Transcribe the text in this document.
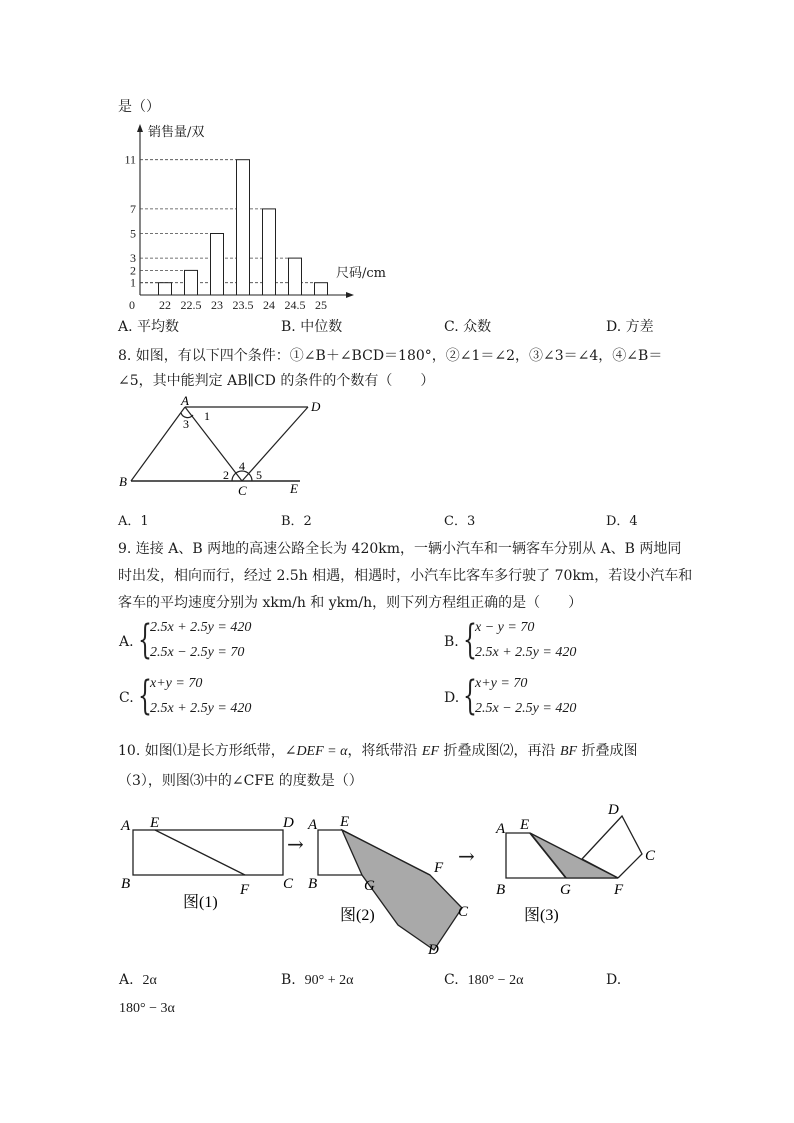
是（）
11
7
5
3
2
1
22 22.5 23 23.5 24 24.5 25
0
销售量/双
尺码/cm
A. 平均数	B. 中位数	C. 众数	D. 方差
8. 如图，有以下四个条件：①∠B＋∠BCD＝180°，②∠1＝∠2，③∠3＝∠4，④∠B＝
∠5，其中能判定 AB∥CD 的条件的个数有（　　）
A	D
B
C	E
1
3
2
4
5
A．1	B．2	C．3	D．4
9. 连接 A、B 两地的高速公路全长为 420km，一辆小汽车和一辆客车分别从 A、B 两地同
时出发，相向而行，经过 2.5h 相遇，相遇时，小汽车比客车多行驶了 70km，若设小汽车和
客车的平均速度分别为 xkm/h 和 ykm/h，则下列方程组正确的是（　　）
A. {
2.5x + 2.5y = 420
2.5x − 2.5y = 70
B. {
x − y = 70
2.5x + 2.5y = 420
C. {
x+y = 70
2.5x + 2.5y = 420
D. {
x+y = 70
2.5x − 2.5y = 420
10. 如图⑴是长方形纸带，∠DEF = α，将纸带沿 EF 折叠成图⑵，再沿 BF 折叠成图
（3），则图⑶中的∠CFE 的度数是（）
A E	D
B	F C
图(1)
→
A E
B	G
F
C
D
图(2)
→
A E
B	G	F
C
D
图(3)
A. 2α	B. 90° + 2α	C. 180° − 2α	D.
180° − 3α
